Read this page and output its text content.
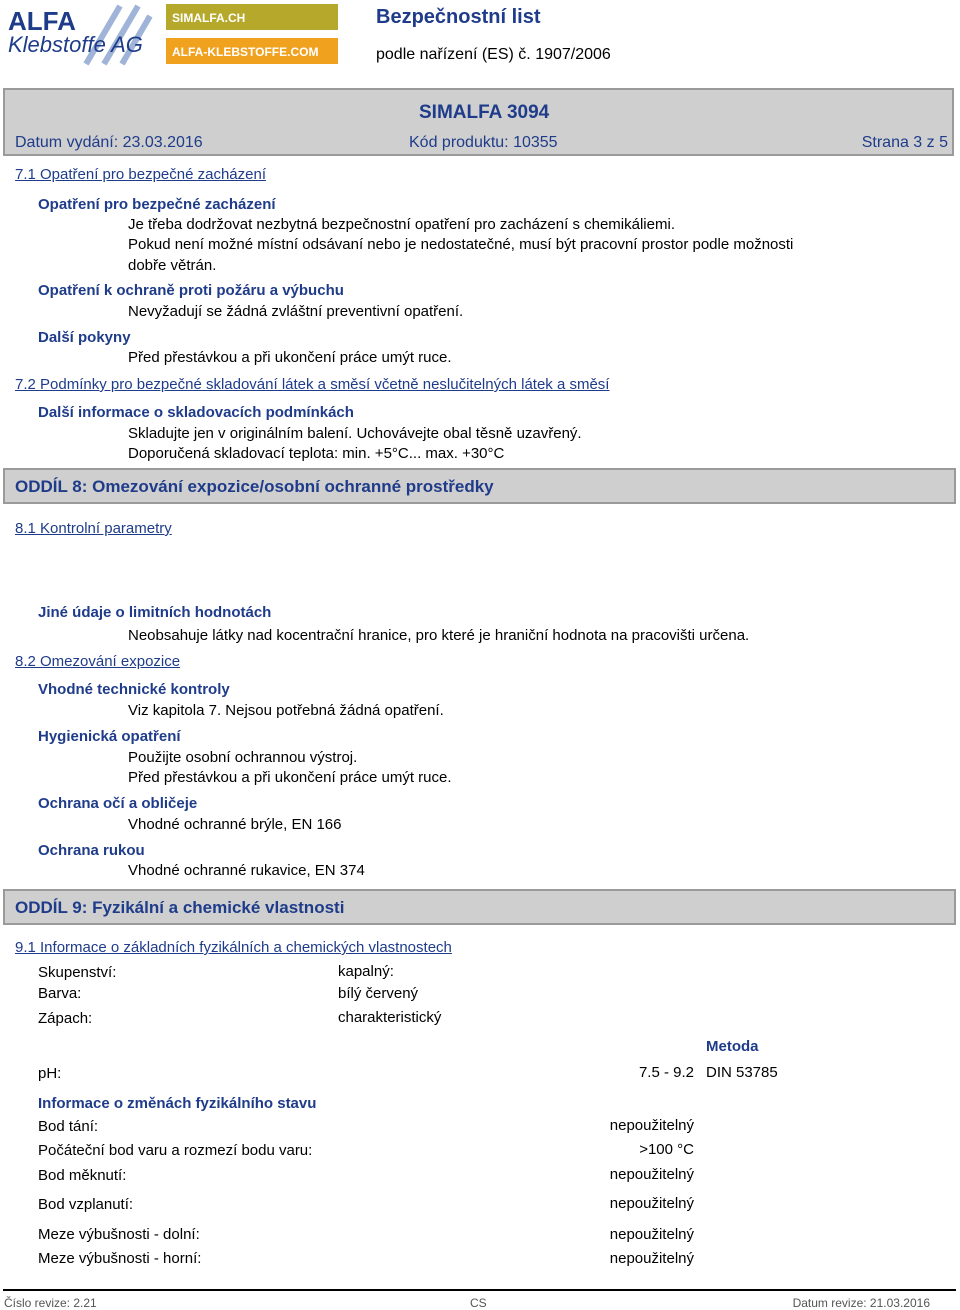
ALFA
Klebstoffe AG
SIMALFA.CH
ALFA-KLEBSTOFFE.COM
Bezpečnostní list
podle nařízení (ES) č. 1907/2006
SIMALFA 3094
Datum vydání: 23.03.2016	Kód produktu: 10355	Strana 3 z 5
7.1 Opatření pro bezpečné zacházení
Opatření pro bezpečné zacházení
Je třeba dodržovat nezbytná bezpečnostní opatření pro zacházení s chemikáliemi.
Pokud není možné místní odsávaní nebo je nedostatečné, musí být pracovní prostor podle možnosti
dobře větrán.
Opatření k ochraně proti požáru a výbuchu
Nevyžadují se žádná zvláštní preventivní opatření.
Další pokyny
Před přestávkou a při ukončení práce umýt ruce.
7.2 Podmínky pro bezpečné skladování látek a směsí včetně neslučitelných látek a směsí
Další informace o skladovacích podmínkách
Skladujte jen v originálním balení. Uchovávejte obal těsně uzavřený.
Doporučená skladovací teplota: min. +5°C... max. +30°C
ODDÍL 8: Omezování expozice/osobní ochranné prostředky
8.1 Kontrolní parametry
Jiné údaje o limitních hodnotách
Neobsahuje látky nad kocentrační hranice, pro které je hraniční hodnota na pracovišti určena.
8.2 Omezování expozice
Vhodné technické kontroly
Viz kapitola 7. Nejsou potřebná žádná opatření.
Hygienická opatření
Použijte osobní ochrannou výstroj.
Před přestávkou a při ukončení práce umýt ruce.
Ochrana očí a obličeje
Vhodné ochranné brýle, EN 166
Ochrana rukou
Vhodné ochranné rukavice, EN 374
ODDÍL 9: Fyzikální a chemické vlastnosti
9.1 Informace o základních fyzikálních a chemických vlastnostech
Skupenství:	kapalný:
Barva:	bílý červený
Zápach:	charakteristický
Metoda
pH:	7.5 - 9.2 DIN 53785
Informace o změnách fyzikálního stavu
Bod tání:	nepoužitelný
Počáteční bod varu a rozmezí bodu varu:	>100 °C
Bod měknutí:	nepoužitelný
Bod vzplanutí:	nepoužitelný
Meze výbušnosti - dolní:	nepoužitelný
Meze výbušnosti - horní:	nepoužitelný
Číslo revize: 2.21	CS	Datum revize: 21.03.2016
